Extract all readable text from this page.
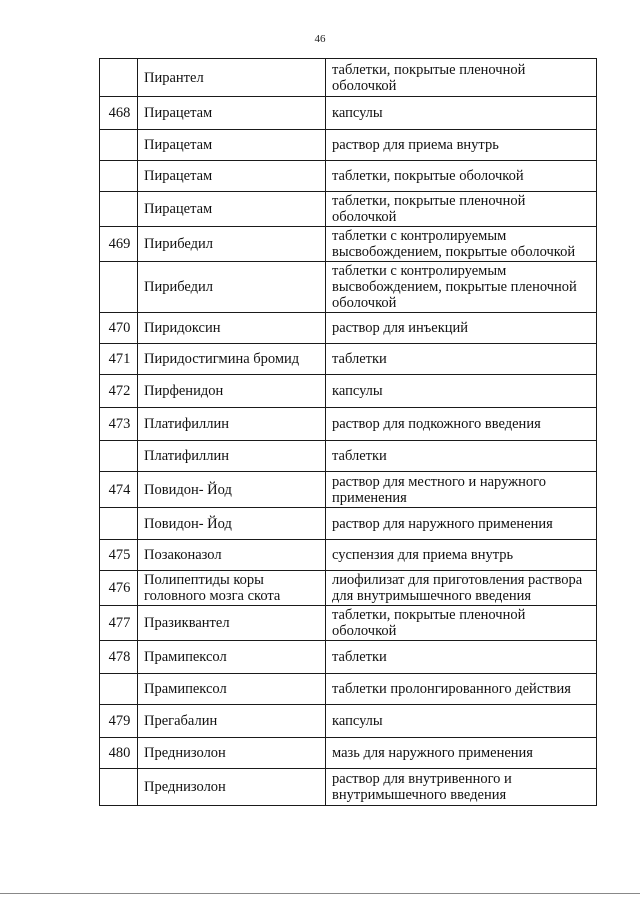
46
	Пирантел	таблетки, покрытые пленочной оболочкой
468	Пирацетам	капсулы
	Пирацетам	раствор для приема внутрь
	Пирацетам	таблетки, покрытые оболочкой
	Пирацетам	таблетки, покрытые пленочной оболочкой
469	Пирибедил	таблетки с контролируемым высвобождением, покрытые оболочкой
	Пирибедил	таблетки с контролируемым высвобождением, покрытые пленочной оболочкой
470	Пиридоксин	раствор для инъекций
471	Пиридостигмина бромид	таблетки
472	Пирфенидон	капсулы
473	Платифиллин	раствор для подкожного введения
	Платифиллин	таблетки
474	Повидон- Йод	раствор для местного и наружного применения
	Повидон- Йод	раствор для наружного применения
475	Позаконазол	суспензия для приема внутрь
476	Полипептиды коры головного мозга скота	лиофилизат для приготовления раствора для внутримышечного введения
477	Празиквантел	таблетки, покрытые пленочной оболочкой
478	Прамипексол	таблетки
	Прамипексол	таблетки пролонгированного действия
479	Прегабалин	капсулы
480	Преднизолон	мазь для наружного применения
	Преднизолон	раствор для внутривенного и внутримышечного введения
